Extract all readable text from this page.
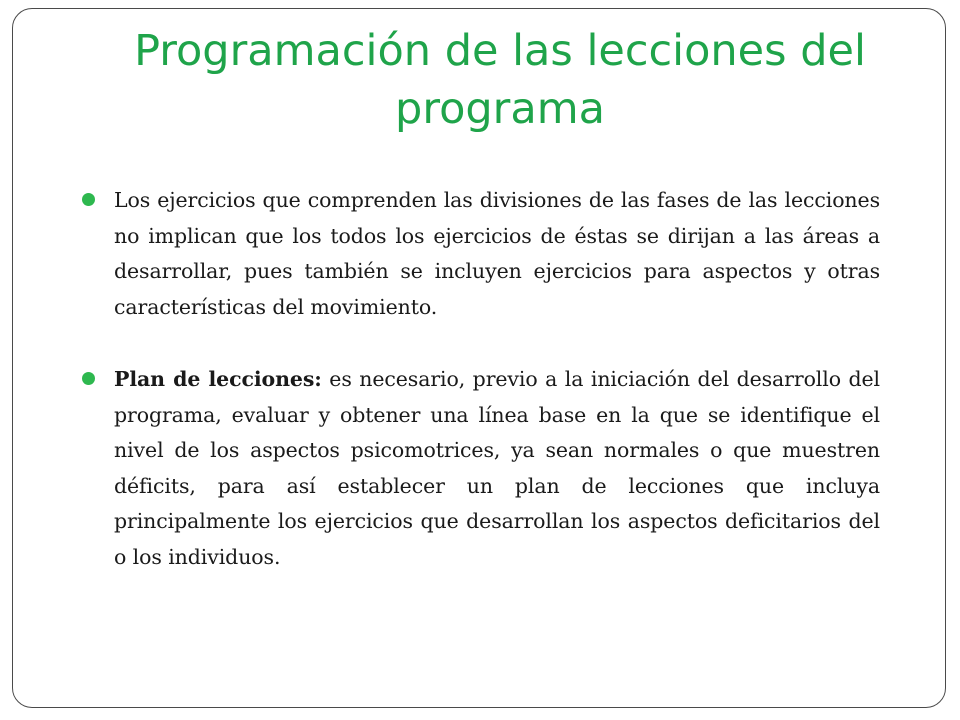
Programación de las lecciones del programa
Los ejercicios que comprenden las divisiones de las fases de las lecciones no implican que los todos los ejercicios de éstas se dirijan a las áreas a desarrollar, pues también se incluyen ejercicios para aspectos y otras características del movimiento.
Plan de lecciones: es necesario, previo a la iniciación del desarrollo del programa, evaluar y obtener una línea base en la que se identifique el nivel de los aspectos psicomotrices, ya sean normales o que muestren déficits, para así establecer un plan de lecciones que incluya principalmente los ejercicios que desarrollan los aspectos deficitarios del o los individuos.
